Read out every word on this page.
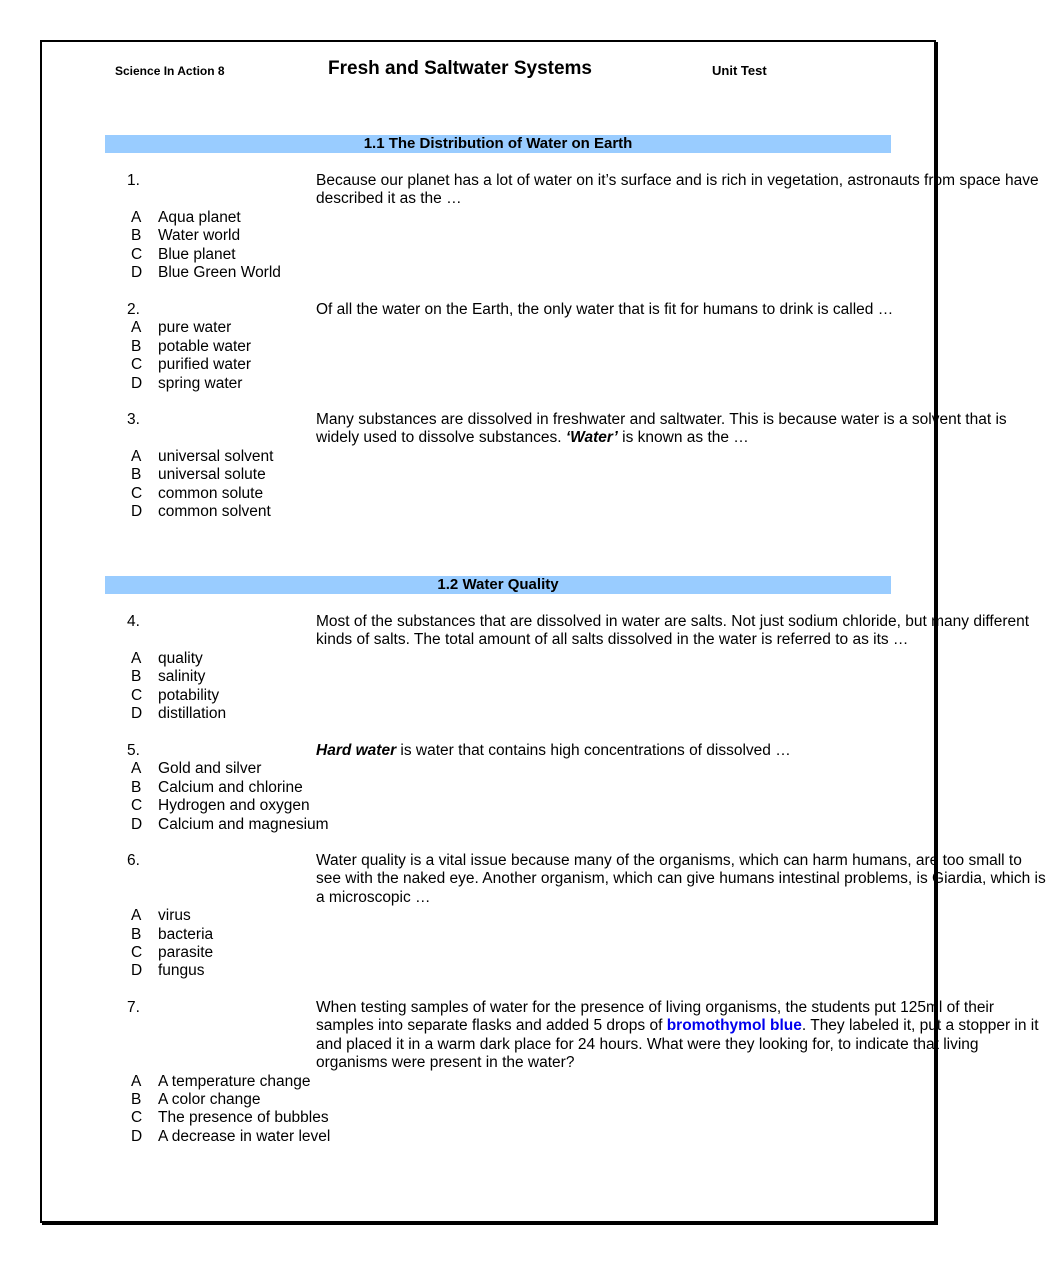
Science In Action 8	Fresh and Saltwater Systems	Unit Test
1.1 The Distribution of Water on Earth
1.	Because our planet has a lot of water on it’s surface and is rich in vegetation, astronauts from space have described it as the …
A Aqua planet
B Water world
C Blue planet
D Blue Green World
2.	Of all the water on the Earth, the only water that is fit for humans to drink is called …
A pure water
B potable water
C purified water
D spring water
3.	Many substances are dissolved in freshwater and saltwater. This is because water is a solvent that is widely used to dissolve substances. ‘Water’ is known as the …
A universal solvent
B universal solute
C common solute
D common solvent
1.2 Water Quality
4.	Most of the substances that are dissolved in water are salts. Not just sodium chloride, but many different kinds of salts. The total amount of all salts dissolved in the water is referred to as its …
A quality
B salinity
C potability
D distillation
5.	Hard water is water that contains high concentrations of dissolved …
A Gold and silver
B Calcium and chlorine
C Hydrogen and oxygen
D Calcium and magnesium
6.	Water quality is a vital issue because many of the organisms, which can harm humans, are too small to see with the naked eye. Another organism, which can give humans intestinal problems, is Giardia, which is a microscopic …
A virus
B bacteria
C parasite
D fungus
7.	When testing samples of water for the presence of living organisms, the students put 125ml of their samples into separate flasks and added 5 drops of bromothymol blue. They labeled it, put a stopper in it and placed it in a warm dark place for 24 hours. What were they looking for, to indicate that living organisms were present in the water?
A A temperature change
B A color change
C The presence of bubbles
D A decrease in water level
